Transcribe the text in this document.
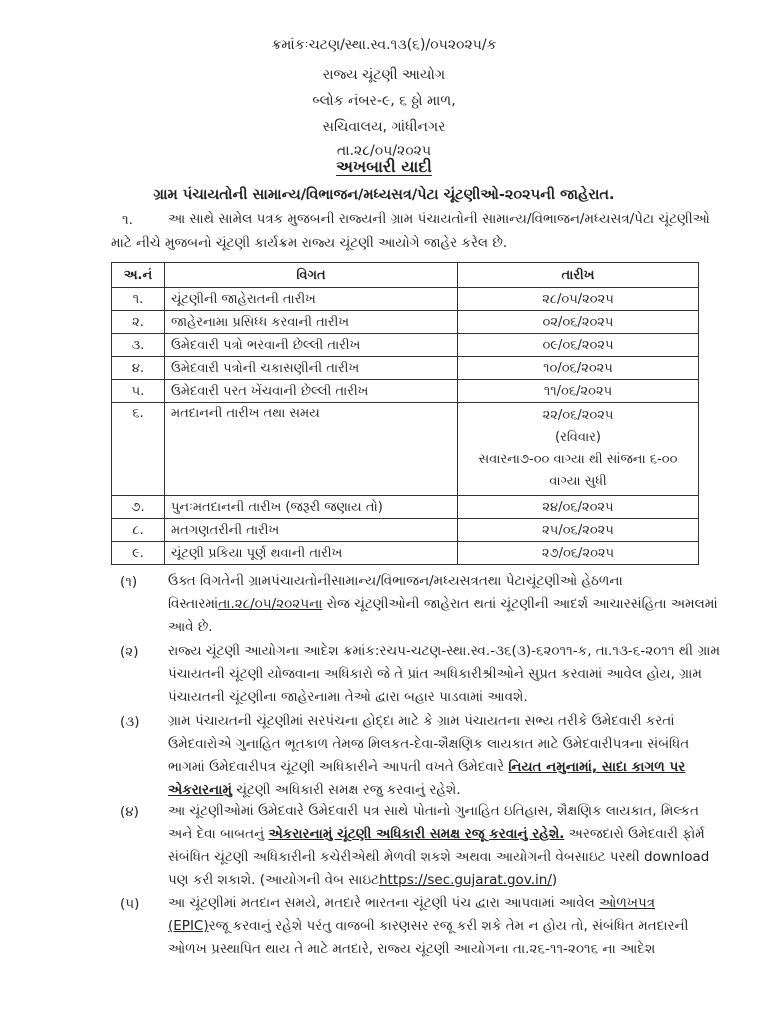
ક્રમાંકઃચટણ/સ્થા.સ્વ.૧૩(૬)/૦૫૨૦૨૫/ક
રાજ્ય ચૂંટણી આયોગ
બ્લોક નંબર-૯, ૬ ઠ્ઠો માળ,
સચિવાલય, ગાંધીનગર
તા.૨૮/૦૫/૨૦૨૫
અખબારી યાદી
ગ્રામ પંચાયતોની સામાન્ય/વિભાજન/મધ્યસત્ર/પેટા ચૂંટણીઓ-૨૦૨૫ની જાહેરાત.
૧.	આ સાથે સામેલ પત્રક મુજબની રાજ્યની ગ્રામ પંચાયતોની સામાન્ય/વિભાજન/મધ્યસત્ર/પેટા ચૂંટણીઓ
માટે નીચે મુજબનો ચૂંટણી કાર્યક્રમ રાજ્ય ચૂંટણી આયોગે જાહેર કરેલ છે.
અ.નં	વિગત	તારીખ
૧.	ચૂંટણીની જાહેરાતની તારીખ	૨૮/૦૫/૨૦૨૫
૨.	જાહેરનામા પ્રસિધ્ધ કરવાની તારીખ	૦૨/૦૬/૨૦૨૫
૩.	ઉમેદવારી પત્રો ભરવાની છેલ્લી તારીખ	૦૯/૦૬/૨૦૨૫
૪.	ઉમેદવારી પત્રોની ચકાસણીની તારીખ	૧૦/૦૬/૨૦૨૫
૫.	ઉમેદવારી પરત ખેંચવાની છેલ્લી તારીખ	૧૧/૦૬/૨૦૨૫
૬.	મતદાનની તારીખ તથા સમય	૨૨/૦૬/૨૦૨૫
(રવિવાર)
સવારના૭-૦૦ વાગ્યા થી સાંજના ૬-૦૦ વાગ્યા સુધી

૭.	પુનઃમતદાનની તારીખ (જરૂરી જણાય તો)	૨૪/૦૬/૨૦૨૫
૮.	મતગણતરીની તારીખ	૨૫/૦૬/૨૦૨૫
૯.	ચૂંટણી પ્રકિયા પૂર્ણ થવાની તારીખ	૨૭/૦૬/૨૦૨૫
(૧) ઉક્ત વિગતેની ગ્રામપંચાયતોનીસામાન્ય/વિભાજન/મધ્યસત્રતથા પેટાચૂંટણીઓ હેઠળના
વિસ્તારમાંતા.૨૮/૦૫/૨૦૨૫ના રોજ ચૂંટણીઓની જાહેરાત થતાં ચૂંટણીની આદર્શ આચારસંહિતા અમલમાં
આવે છે.
(૨) રાજ્ય ચૂંટણી આયોગના આદેશ ક્રમાંક:રચપ-ચટણ-સ્થા.સ્વ.-૩૬(૩)-૬૨૦૧૧-ક, તા.૧૩-૬-૨૦૧૧ થી ગ્રામ
પંચાયતની ચૂંટણી યોજવાના અધિકારો જે તે પ્રાંત અધિકારીશ્રીઓને સુપ્રત કરવામાં આવેલ હોય, ગ્રામ
પંચાયતની ચૂંટણીના જાહેરનામા તેઓ દ્વારા બહાર પાડવામાં આવશે.
(૩) ગ્રામ પંચાયતની ચૂંટણીમાં સરપંચના હોદ્દા માટે કે ગ્રામ પંચાયતના સભ્ય તરીકે ઉમેદવારી કરતાં
ઉમેદવારોએ ગુનાહિત ભૂતકાળ તેમજ મિલકત-દેવા-શૈક્ષણિક લાયકાત માટે ઉમેદવારીપત્રના સંબંધિત
ભાગમાં ઉમેદવારીપત્ર ચૂંટણી અધિકારીને આપતી વખતે ઉમેદવારે નિયત નમુનામાં, સાદા કાગળ પર
એકરારનામું ચૂંટણી અધિકારી સમક્ષ રજુ કરવાનું રહેશે.
(૪) આ ચૂંટણીઓમાં ઉમેદવારે ઉમેદવારી પત્ર સાથે પોતાનો ગુનાહિત ઇતિહાસ, શૈક્ષણિક લાયકાત, મિલ્કત
અને દેવા બાબતનું એકરારનામું ચૂંટણી અધિકારી સમક્ષ રજૂ કરવાનું રહેશે. અરજદારો ઉમેદવારી ફોર્મ
સંબંધિત ચૂંટણી અધિકારીની કચેરીએથી મેળવી શકશે અથવા આયોગની વેબસાઇટ પરથી download
પણ કરી શકાશે. (આયોગની વેબ સાઇટhttps://sec.gujarat.gov.in/)
(૫) આ ચૂંટણીમાં મતદાન સમયે, મતદારે ભારતના ચૂંટણી પંચ દ્વારા આપવામાં આવેલ ઓળખપત્ર
(EPIC)રજૂ કરવાનું રહેશે પરંતુ વાજબી કારણસર રજૂ કરી શકે તેમ ન હોય તો, સંબંધિત મતદારની
ઓળખ પ્રસ્થાપિત થાય તે માટે મતદારે, રાજ્ય ચૂંટણી આયોગના તા.૨૬-૧૧-૨૦૧૬ ના આદેશ
